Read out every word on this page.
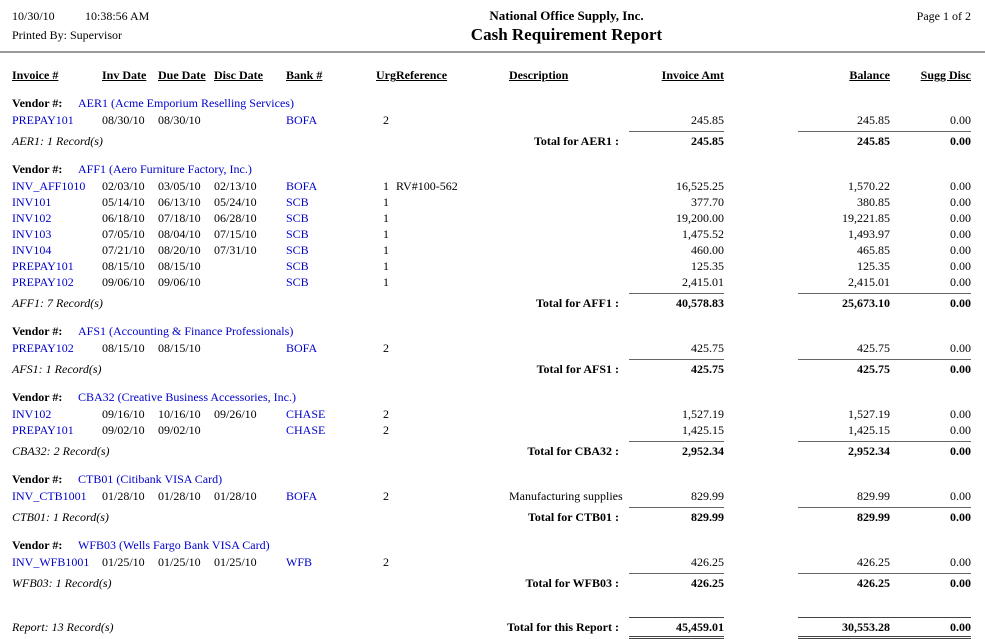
10/30/10	10:38:56 AM
Printed By: Supervisor
National Office Supply, Inc.
Cash Requirement Report
Page 1 of 2
Invoice #	Inv Date Due Date Disc Date	Bank #	Urg Reference	Description	Invoice Amt	Balance	Sugg Disc
Vendor #: AER1 (Acme Emporium Reselling Services)
PREPAY101	08/30/10	08/30/10	BOFA	2	245.85	245.85	0.00
AER1: 1 Record(s)	Total for AER1 :	245.85	245.85	0.00
Vendor #: AFF1 (Aero Furniture Factory, Inc.)
INV_AFF1010	02/03/10	03/05/10	02/13/10	BOFA	1 RV#100-562	16,525.25	1,570.22	0.00
INV101	05/14/10	06/13/10	05/24/10	SCB	1	377.70	380.85	0.00
INV102	06/18/10	07/18/10	06/28/10	SCB	1	19,200.00	19,221.85	0.00
INV103	07/05/10	08/04/10	07/15/10	SCB	1	1,475.52	1,493.97	0.00
INV104	07/21/10	08/20/10	07/31/10	SCB	1	460.00	465.85	0.00
PREPAY101	08/15/10	08/15/10	SCB	1	125.35	125.35	0.00
PREPAY102	09/06/10	09/06/10	SCB	1	2,415.01	2,415.01	0.00
AFF1: 7 Record(s)	Total for AFF1 :	40,578.83	25,673.10	0.00
Vendor #: AFS1 (Accounting & Finance Professionals)
PREPAY102	08/15/10	08/15/10	BOFA	2	425.75	425.75	0.00
AFS1: 1 Record(s)	Total for AFS1 :	425.75	425.75	0.00
Vendor #: CBA32 (Creative Business Accessories, Inc.)
INV102	09/16/10	10/16/10	09/26/10	CHASE	2	1,527.19	1,527.19	0.00
PREPAY101	09/02/10	09/02/10	CHASE	2	1,425.15	1,425.15	0.00
CBA32: 2 Record(s)	Total for CBA32 :	2,952.34	2,952.34	0.00
Vendor #: CTB01 (Citibank VISA Card)
INV_CTB1001	01/28/10	01/28/10	01/28/10	BOFA	2	Manufacturing supplies	829.99	829.99	0.00
CTB01: 1 Record(s)	Total for CTB01 :	829.99	829.99	0.00
Vendor #: WFB03 (Wells Fargo Bank VISA Card)
INV_WFB1001	01/25/10	01/25/10	01/25/10	WFB	2	426.25	426.25	0.00
WFB03: 1 Record(s)	Total for WFB03 :	426.25	426.25	0.00
Report: 13 Record(s)	Total for this Report :	45,459.01	30,553.28	0.00
